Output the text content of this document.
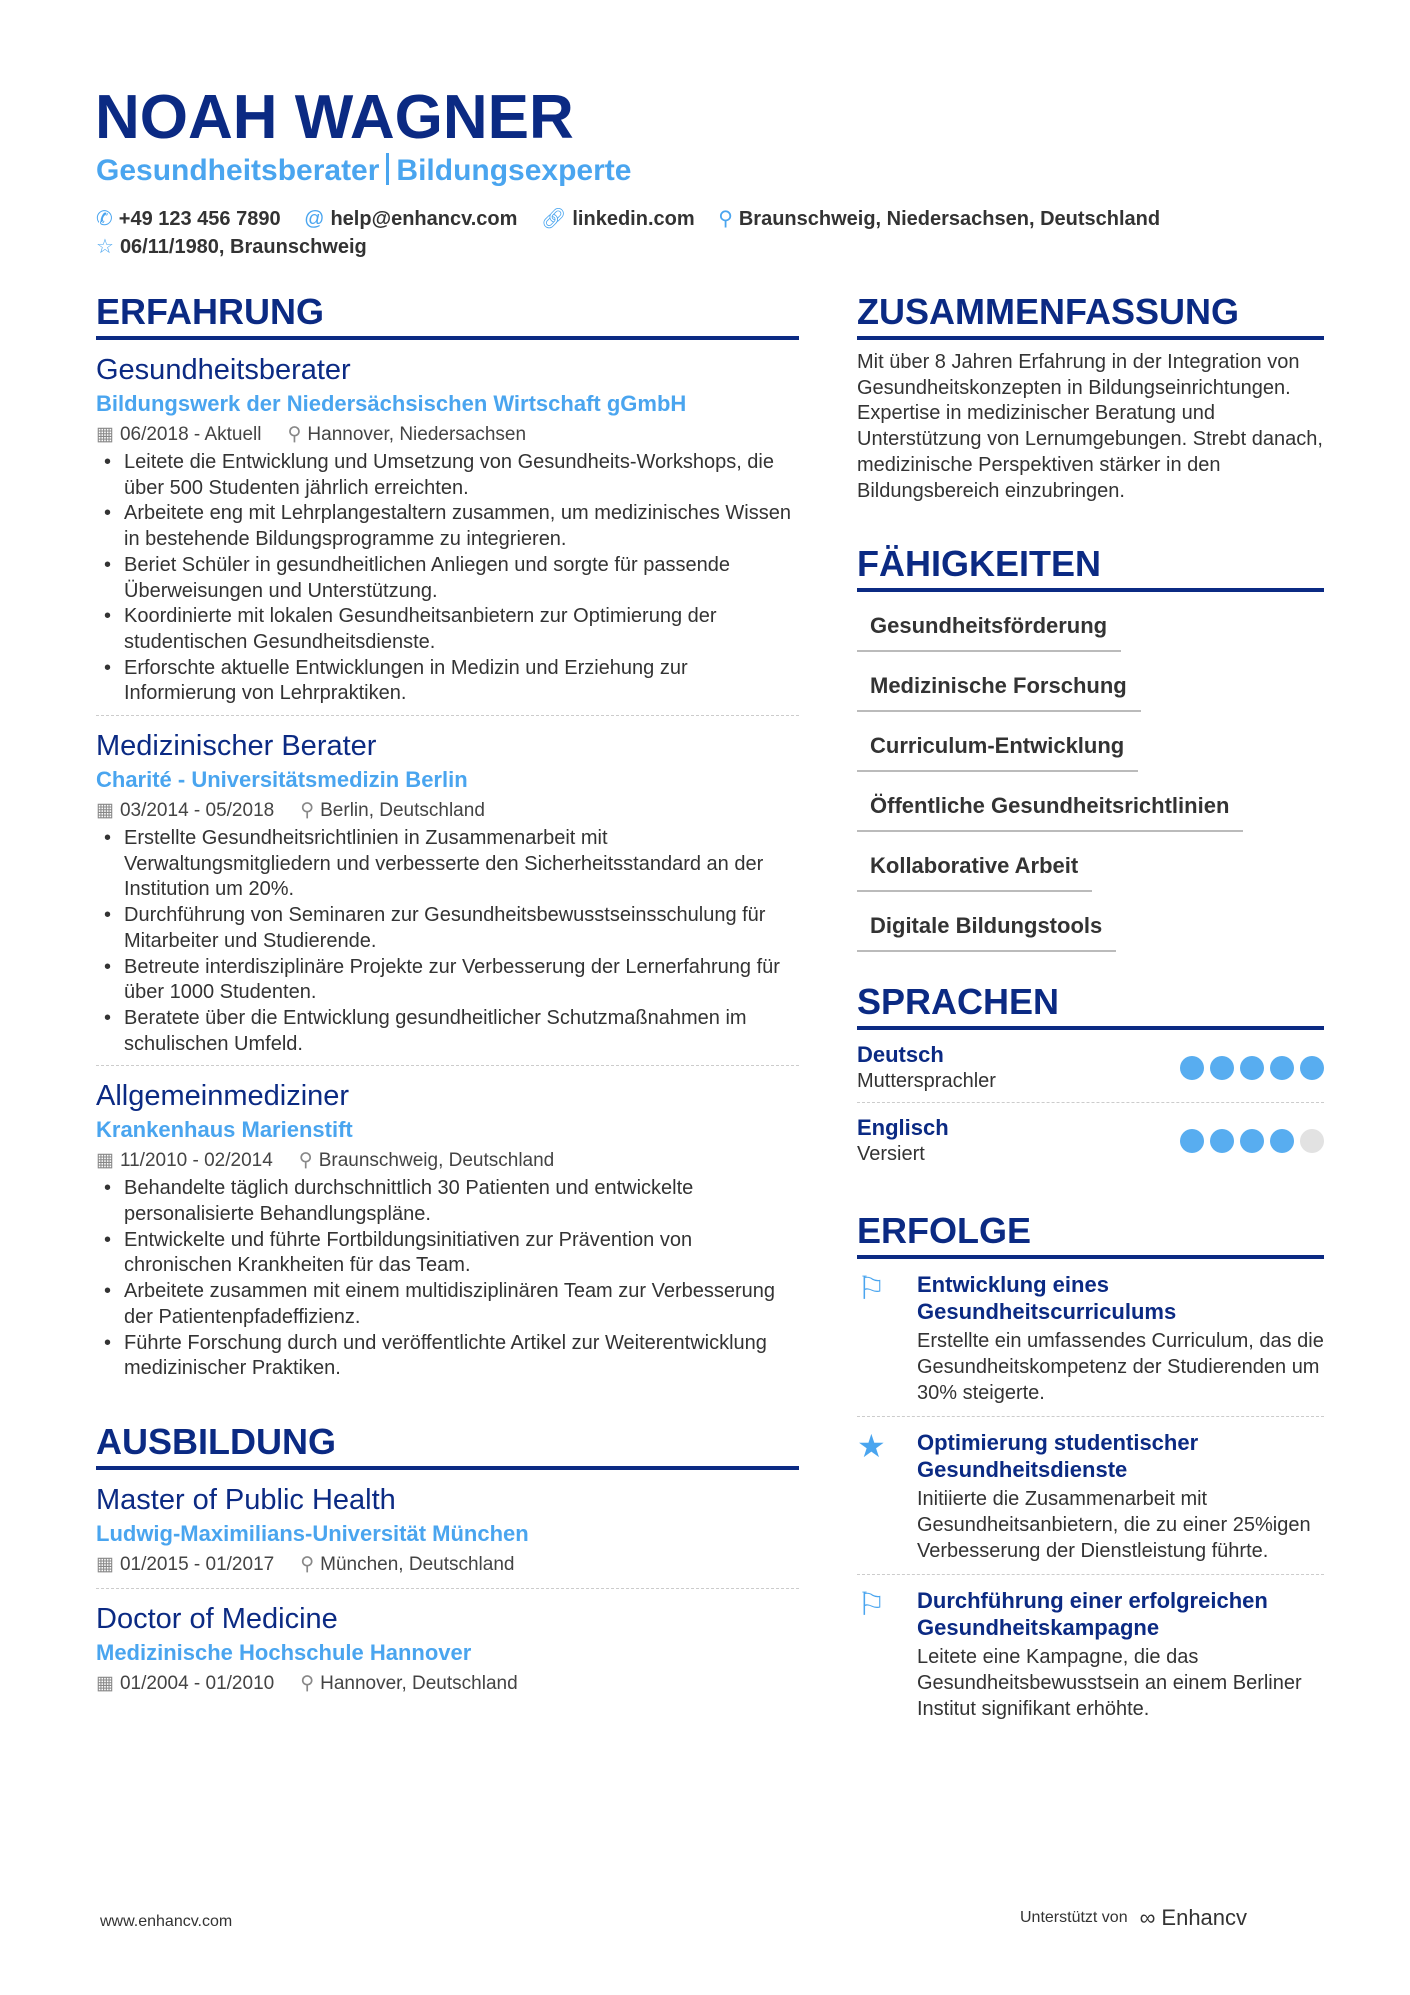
NOAH WAGNER
Gesundheitsberater Bildungsexperte
✆ +49 123 456 7890 @ help@enhancv.com 🔗︎ linkedin.com ⚲ Braunschweig, Niedersachsen, Deutschland
☆ 06/11/1980, Braunschweig
ERFAHRUNG
Gesundheitsberater
Bildungswerk der Niedersächsischen Wirtschaft gGmbH
▦ 06/2018 - Aktuell ⚲ Hannover, Niedersachsen
• Leitete die Entwicklung und Umsetzung von Gesundheits-Workshops, die über 500 Studenten jährlich erreichten.
• Arbeitete eng mit Lehrplangestaltern zusammen, um medizinisches Wissen in bestehende Bildungsprogramme zu integrieren.
• Beriet Schüler in gesundheitlichen Anliegen und sorgte für passende Überweisungen und Unterstützung.
• Koordinierte mit lokalen Gesundheitsanbietern zur Optimierung der studentischen Gesundheitsdienste.
• Erforschte aktuelle Entwicklungen in Medizin und Erziehung zur Informierung von Lehrpraktiken.
Medizinischer Berater
Charité - Universitätsmedizin Berlin
▦ 03/2014 - 05/2018 ⚲ Berlin, Deutschland
• Erstellte Gesundheitsrichtlinien in Zusammenarbeit mit Verwaltungsmitgliedern und verbesserte den Sicherheitsstandard an der Institution um 20%.
• Durchführung von Seminaren zur Gesundheitsbewusstseinsschulung für Mitarbeiter und Studierende.
• Betreute interdisziplinäre Projekte zur Verbesserung der Lernerfahrung für über 1000 Studenten.
• Beratete über die Entwicklung gesundheitlicher Schutzmaßnahmen im schulischen Umfeld.
Allgemeinmediziner
Krankenhaus Marienstift
▦ 11/2010 - 02/2014 ⚲ Braunschweig, Deutschland
• Behandelte täglich durchschnittlich 30 Patienten und entwickelte personalisierte Behandlungspläne.
• Entwickelte und führte Fortbildungsinitiativen zur Prävention von chronischen Krankheiten für das Team.
• Arbeitete zusammen mit einem multidisziplinären Team zur Verbesserung der Patientenpfadeffizienz.
• Führte Forschung durch und veröffentlichte Artikel zur Weiterentwicklung medizinischer Praktiken.
AUSBILDUNG
Master of Public Health
Ludwig-Maximilians-Universität München
▦ 01/2015 - 01/2017 ⚲ München, Deutschland
Doctor of Medicine
Medizinische Hochschule Hannover
▦ 01/2004 - 01/2010 ⚲ Hannover, Deutschland
ZUSAMMENFASSUNG
Mit über 8 Jahren Erfahrung in der Integration von Gesundheitskonzepten in Bildungseinrichtungen. Expertise in medizinischer Beratung und Unterstützung von Lernumgebungen. Strebt danach, medizinische Perspektiven stärker in den Bildungsbereich einzubringen.
FÄHIGKEITEN
Gesundheitsförderung
Medizinische Forschung
Curriculum-Entwicklung
Öffentliche Gesundheitsrichtlinien
Kollaborative Arbeit
Digitale Bildungstools
SPRACHEN
Deutsch
Muttersprachler
Englisch
Versiert
ERFOLGE
⚐	Entwicklung eines Gesundheitscurriculums
Erstellte ein umfassendes Curriculum, das die Gesundheitskompetenz der Studierenden um 30% steigerte.
★	Optimierung studentischer Gesundheitsdienste
Initiierte die Zusammenarbeit mit Gesundheitsanbietern, die zu einer 25%igen Verbesserung der Dienstleistung führte.
⚐	Durchführung einer erfolgreichen Gesundheitskampagne
Leitete eine Kampagne, die das Gesundheitsbewusstsein an einem Berliner Institut signifikant erhöhte.
www.enhancv.com	Unterstützt von ∞ Enhancv
